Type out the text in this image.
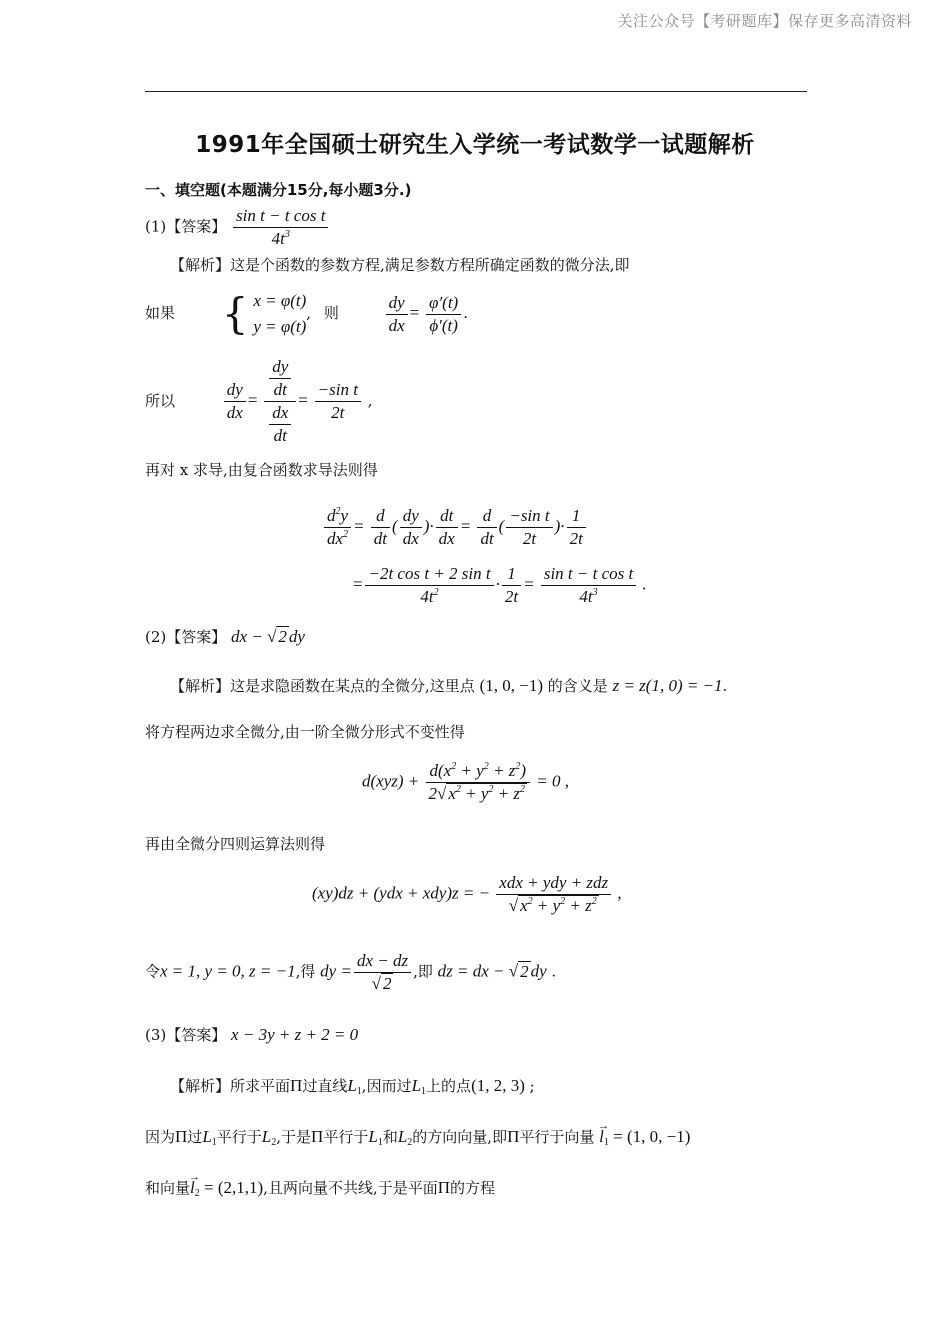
关注公众号【考研题库】保存更多高清资料
1991年全国硕士研究生入学统一考试数学一试题解析
一、填空题(本题满分15分,每小题3分.)
(1)【答案】 $\frac{\text{sin t − t cos t}}{4t^3}$
【解析】这是个函数的参数方程,满足参数方程所确定函数的微分法,即
如果 { x = φ(t)
y = φ(t), 则	$\frac{dy}{dx} = \frac{\varphi'(t)}{\phi'(t)}$ .
所以	$\frac{dy}{dx} = \frac{\frac{dy}{dt}}{\frac{dx}{dt}} = \frac{\text{−sin t}}{2t}$ ,
再对 x 求导,由复合函数求导法则得
$\frac{d^2y}{dx^2} = \frac{d}{dt}$ ( $\frac{dy}{dx}$ )· $\frac{dt}{dx} = \frac{d}{dt}$ ( $\frac{\text{−sin t}}{2t}$ )· $\frac{1}{2t}$
= $\frac{\text{−2t cos t + 2 sin t}}{4t^2} \cdot \frac{1}{2t} = \frac{\text{sin t − t cos t}}{4t^3}$ .
(2)【答案】 dx − √ 2 dy
【解析】这是求隐函数在某点的全微分,这里点 (1, 0, −1) 的含义是 z = z(1, 0) = −1.
将方程两边求全微分,由一阶全微分形式不变性得
$d(xyz) + \frac{d(x^2 + y^2 + z^2)}{2√ x^2 + y^2 + z^2} = 0$ ,
再由全微分四则运算法则得
(xy)dz + (ydx + xdy)z = − $\frac{\text{xdx + ydy + zdz}}{√ x^2 + y^2 + z^2}$ ,
令x = 1, y = 0, z = −1,得 dy = $\frac{dx - dz}{√ 2}$ ,即 dz = dx − √ 2 dy .
(3)【答案】 x − 3y + z + 2 = 0
【解析】所求平面Π过直线$L_1$,因而过$L_1$上的点(1, 2, 3) ;
因为Π过$L_1$平行于$L_2$,于是Π平行于$L_1$和$L_2$的方向向量,即Π平行于向量 → $l_1 = (1$, 0, −1)
和向量→ $l_2 = (2,1,1)$,且两向量不共线,于是平面Π的方程
